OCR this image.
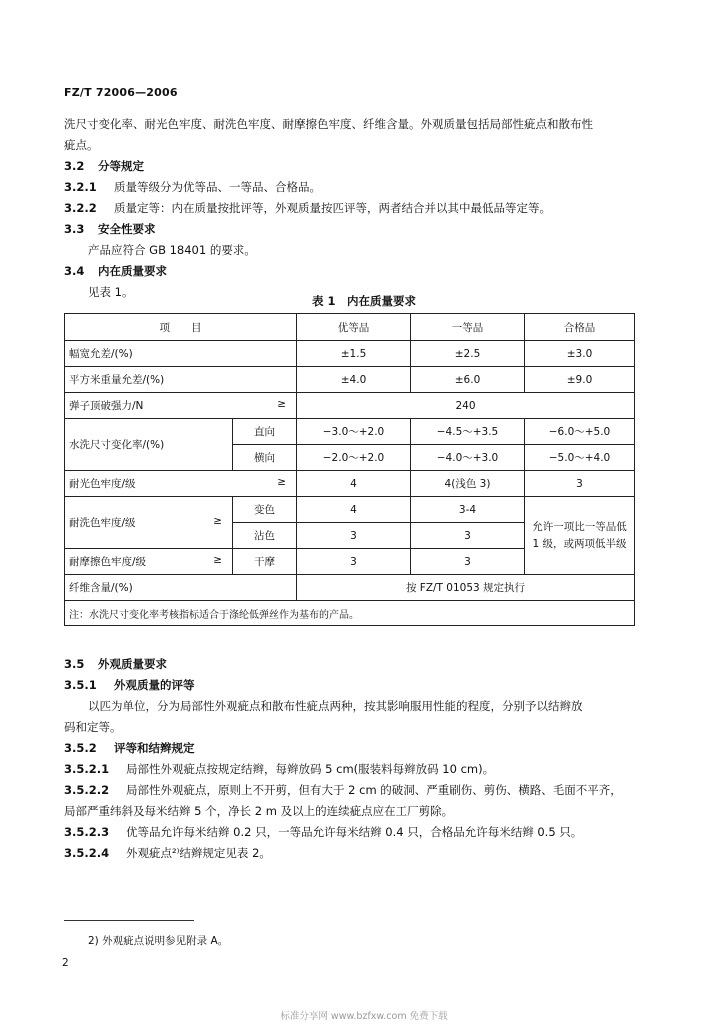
FZ/T 72006—2006
洗尺寸变化率、耐光色牢度、耐洗色牢度、耐摩擦色牢度、纤维含量。外观质量包括局部性疵点和散布性
疵点。
3.2 分等规定
3.2.1 质量等级分为优等品、一等品、合格品。
3.2.2 质量定等：内在质量按批评等，外观质量按匹评等，两者结合并以其中最低品等定等。
3.3 安全性要求
产品应符合 GB 18401 的要求。
3.4 内在质量要求
见表 1。
表 1　内在质量要求
项　　目		优等品	一等品	合格品
幅宽允差/(%)		±1.5	±2.5	±3.0
平方米重量允差/(%)		±4.0	±6.0	±9.0
弹子顶破强力/N ≥		240		
水洗尺寸变化率/(%)	直向	−3.0～+2.0	−4.5～+3.5	−6.0～+5.0
	横向	−2.0～+2.0	−4.0～+3.0	−5.0～+4.0
耐光色牢度/级 ≥		4	4(浅色 3)	3
耐洗色牢度/级 ≥	变色	4	3-4	允许一项比一等品低 1 级，或两项低半级
	沾色	3	3	
耐摩擦色牢度/级 ≥	干摩	3	3	
纤维含量/(%)		按 FZ/T 01053 规定执行		
注：水洗尺寸变化率考核指标适合于涤纶低弹丝作为基布的产品。				
3.5 外观质量要求
3.5.1 外观质量的评等
以匹为单位，分为局部性外观疵点和散布性疵点两种，按其影响服用性能的程度，分别予以结辫放
码和定等。
3.5.2 评等和结辫规定
3.5.2.1 局部性外观疵点按规定结辫，每辫放码 5 cm(服装料每辫放码 10 cm)。
3.5.2.2 局部性外观疵点，原则上不开剪，但有大于 2 cm 的破洞、严重刷伤、剪伤、横路、毛面不平齐，
局部严重纬斜及每米结辫 5 个，净长 2 m 及以上的连续疵点应在工厂剪除。
3.5.2.3 优等品允许每米结辫 0.2 只，一等品允许每米结辫 0.4 只，合格品允许每米结辫 0.5 只。
3.5.2.4 外观疵点²⁾结辫规定见表 2。
2) 外观疵点说明参见附录 A。
2
标准分享网 www.bzfxw.com 免费下载
